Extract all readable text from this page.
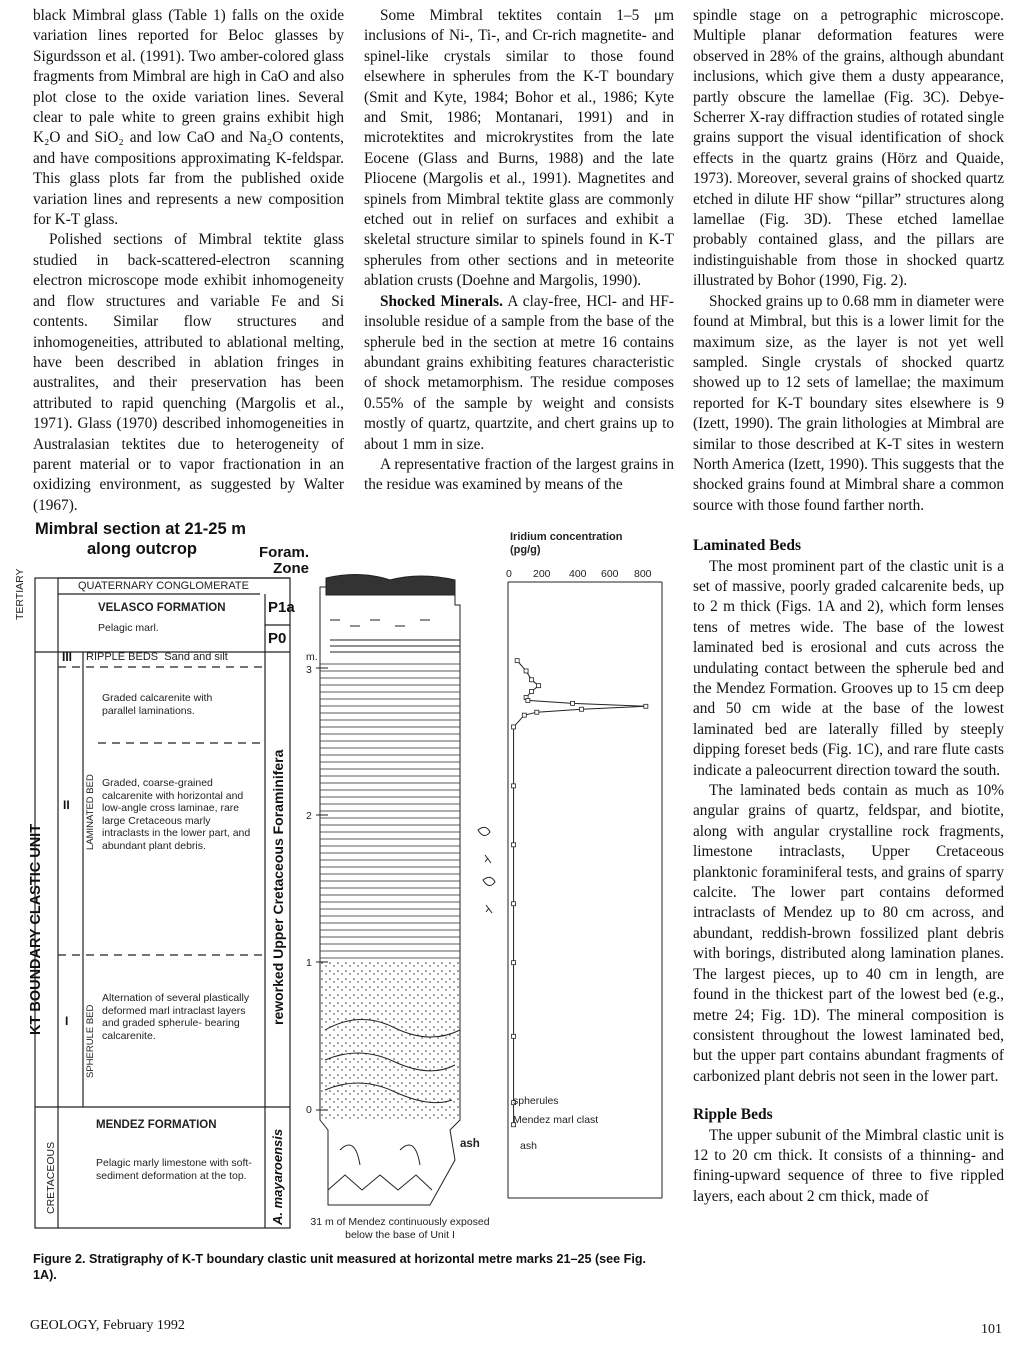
black Mimbral glass (Table 1) falls on the oxide variation lines reported for Beloc glasses by Sigurdsson et al. (1991). Two amber-colored glass fragments from Mimbral are high in CaO and also plot close to the oxide variation lines. Several clear to pale white to green grains exhibit high K₂O and SiO₂ and low CaO and Na₂O contents, and have compositions approximating K-feldspar. This glass plots far from the published oxide variation lines and represents a new composition for K-T glass.

Polished sections of Mimbral tektite glass studied in back-scattered-electron scanning electron microscope mode exhibit inhomogeneity and flow structures and variable Fe and Si contents. Similar flow structures and inhomogeneities, attributed to ablational melting, have been described in ablation fringes in australites, and their preservation has been attributed to rapid quenching (Margolis et al., 1971). Glass (1970) described inhomogeneities in Australasian tektites due to heterogeneity of parent material or to vapor fractionation in an oxidizing environment, as suggested by Walter (1967).

Some Mimbral tektites contain 1–5 μm inclusions of Ni-, Ti-, and Cr-rich magnetite- and spinel-like crystals similar to those found elsewhere in spherules from the K-T boundary (Smit and Kyte, 1984; Bohor et al., 1986; Kyte and Smit, 1986; Montanari, 1991) and in microtektites and microkrystites from the late Eocene (Glass and Burns, 1988) and the late Pliocene (Margolis et al., 1991). Magnetites and spinels from Mimbral tektite glass are commonly etched out in relief on surfaces and exhibit a skeletal structure similar to spinels found in K-T spherules from other sections and in meteorite ablation crusts (Doehne and Margolis, 1990).

Shocked Minerals. A clay-free, HCl- and HF-insoluble residue of a sample from the base of the spherule bed in the section at metre 16 contains abundant grains exhibiting features characteristic of shock metamorphism. The residue composes 0.55% of the sample by weight and consists mostly of quartz, quartzite, and chert grains up to about 1 mm in size.

A representative fraction of the largest grains in the residue was examined by means of the

spindle stage on a petrographic microscope. Multiple planar deformation features were observed in 28% of the grains, although abundant inclusions, which give them a dusty appearance, partly obscure the lamellae (Fig. 3C). Debye-Scherrer X-ray diffraction studies of rotated single grains support the visual identification of shock effects in the quartz grains (Hörz and Quaide, 1973). Moreover, several grains of shocked quartz etched in dilute HF show “pillar” structures along lamellae (Fig. 3D). These etched lamellae probably contained glass, and the pillars are indistinguishable from those in shocked quartz illustrated by Bohor (1990, Fig. 2).

Shocked grains up to 0.68 mm in diameter were found at Mimbral, but this is a lower limit for the maximum size, as the layer is not yet well sampled. Single crystals of shocked quartz showed up to 12 sets of lamellae; the maximum reported for K-T boundary sites elsewhere is 9 (Izett, 1990). The grain lithologies at Mimbral are similar to those described at K-T sites in western North America (Izett, 1990). This suggests that the shocked grains found at Mimbral share a common source with those found farther north.

Laminated Beds

The most prominent part of the clastic unit is a set of massive, poorly graded calcarenite beds, up to 2 m thick (Figs. 1A and 2), which form lenses tens of metres wide. The base of the lowest laminated bed is erosional and cuts across the undulating contact between the spherule bed and the Mendez Formation. Grooves up to 15 cm deep and 50 cm wide at the base of the lowest laminated bed are laterally filled by steeply dipping foreset beds (Fig. 1C), and rare flute casts indicate a paleocurrent direction toward the south.

The laminated beds contain as much as 10% angular grains of quartz, feldspar, and biotite, along with angular crystalline rock fragments, limestone intraclasts, Upper Cretaceous planktonic foraminiferal tests, and grains of sparry calcite. The lower part contains deformed intraclasts of Mendez up to 80 cm across, and abundant, reddish-brown fossilized plant debris with borings, distributed along lamination planes. The largest pieces, up to 40 cm in length, are found in the thickest part of the lowest bed (e.g., metre 24; Fig. 1D). The mineral composition is consistent throughout the lowest laminated bed, but the upper part contains abundant fragments of carbonized plant debris not seen in the lower part.

Ripple Beds

The upper subunit of the Mimbral clastic unit is 12 to 20 cm thick. It consists of a thinning- and fining-upward sequence of three to five rippled layers, each about 2 cm thick, made of

Mimbral section at 21-25 m
along outcrop	Foram.
Zone
QUATERNARY CONGLOMERATE
TERTIARY	VELASCO FORMATION
Pelagic marl.
P1a
P0
III RIPPLE BEDS Sand and silt
Graded calcarenite with parallel laminations.
II LAMINATED BED Graded, coarse-grained calcarenite with horizontal and low-angle cross laminae, rare large Cretaceous marly intraclasts in the lower part, and abundant plant debris.
KT BOUNDARY CLASTIC UNIT	reworked Upper Cretaceous Foraminifera
I SPHERULE BED
Alternation of several plastically deformed marl intraclast layers and graded spherule- bearing calcarenite.
CRETACEOUS
MENDEZ FORMATION
Pelagic marly limestone with soft-sediment deformation at the top.	A. mayaroensis
m.
3
2
1
0
ash
31 m of Mendez continuously exposed below the base of Unit I
Iridium concentration
(pg/g)
0 200 400 600 800
spherules
Mendez marl clast
ash
Figure 2. Stratigraphy of K-T boundary clastic unit measured at horizontal metre marks 21–25 (see Fig. 1A).
GEOLOGY, February 1992	101
